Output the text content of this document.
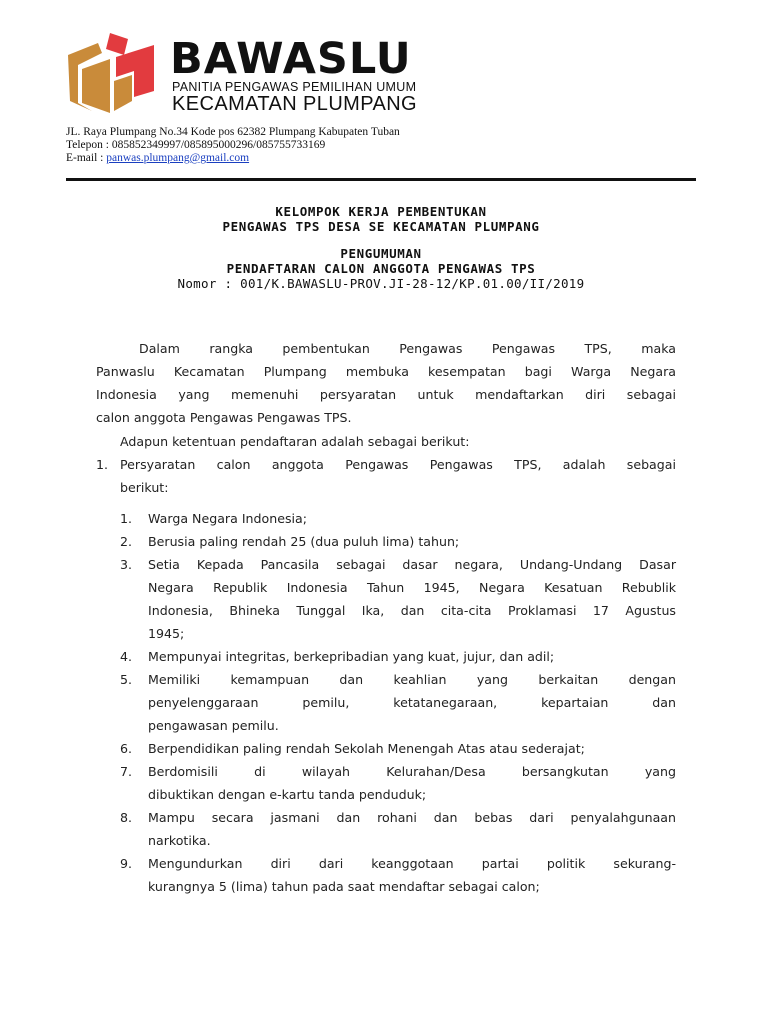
BAWASLU
PANITIA PENGAWAS PEMILIHAN UMUM
KECAMATAN PLUMPANG
JL. Raya Plumpang No.34 Kode pos 62382 Plumpang Kabupaten Tuban
Telepon : 085852349997/085895000296/085755733169
E-mail : panwas.plumpang@gmail.com
KELOMPOK KERJA PEMBENTUKAN
PENGAWAS TPS DESA SE KECAMATAN PLUMPANG
PENGUMUMAN
PENDAFTARAN CALON ANGGOTA PENGAWAS TPS
Nomor : 001/K.BAWASLU-PROV.JI-28-12/KP.01.00/II/2019
Dalam rangka pembentukan Pengawas Pengawas TPS, maka
Panwaslu Kecamatan Plumpang membuka kesempatan bagi Warga Negara
Indonesia yang memenuhi persyaratan untuk mendaftarkan diri sebagai
calon anggota Pengawas Pengawas TPS.
Adapun ketentuan pendaftaran adalah sebagai berikut:
1. Persyaratan calon anggota Pengawas Pengawas TPS, adalah sebagai
berikut:
1.	Warga Negara Indonesia;
2.	Berusia paling rendah 25 (dua puluh lima) tahun;
3.	Setia Kepada Pancasila sebagai dasar negara, Undang-Undang Dasar
Negara Republik Indonesia Tahun 1945, Negara Kesatuan Rebublik
Indonesia, Bhineka Tunggal Ika, dan cita-cita Proklamasi 17 Agustus
1945;
4.	Mempunyai integritas, berkepribadian yang kuat, jujur, dan adil;
5.	Memiliki kemampuan dan keahlian yang berkaitan dengan
penyelenggaraan pemilu, ketatanegaraan, kepartaian dan
pengawasan pemilu.
6.	Berpendidikan paling rendah Sekolah Menengah Atas atau sederajat;
7.	Berdomisili di wilayah Kelurahan/Desa bersangkutan yang
dibuktikan dengan e-kartu tanda penduduk;
8.	Mampu secara jasmani dan rohani dan bebas dari penyalahgunaan
narkotika.
9.	Mengundurkan diri dari keanggotaan partai politik sekurang-
kurangnya 5 (lima) tahun pada saat mendaftar sebagai calon;
